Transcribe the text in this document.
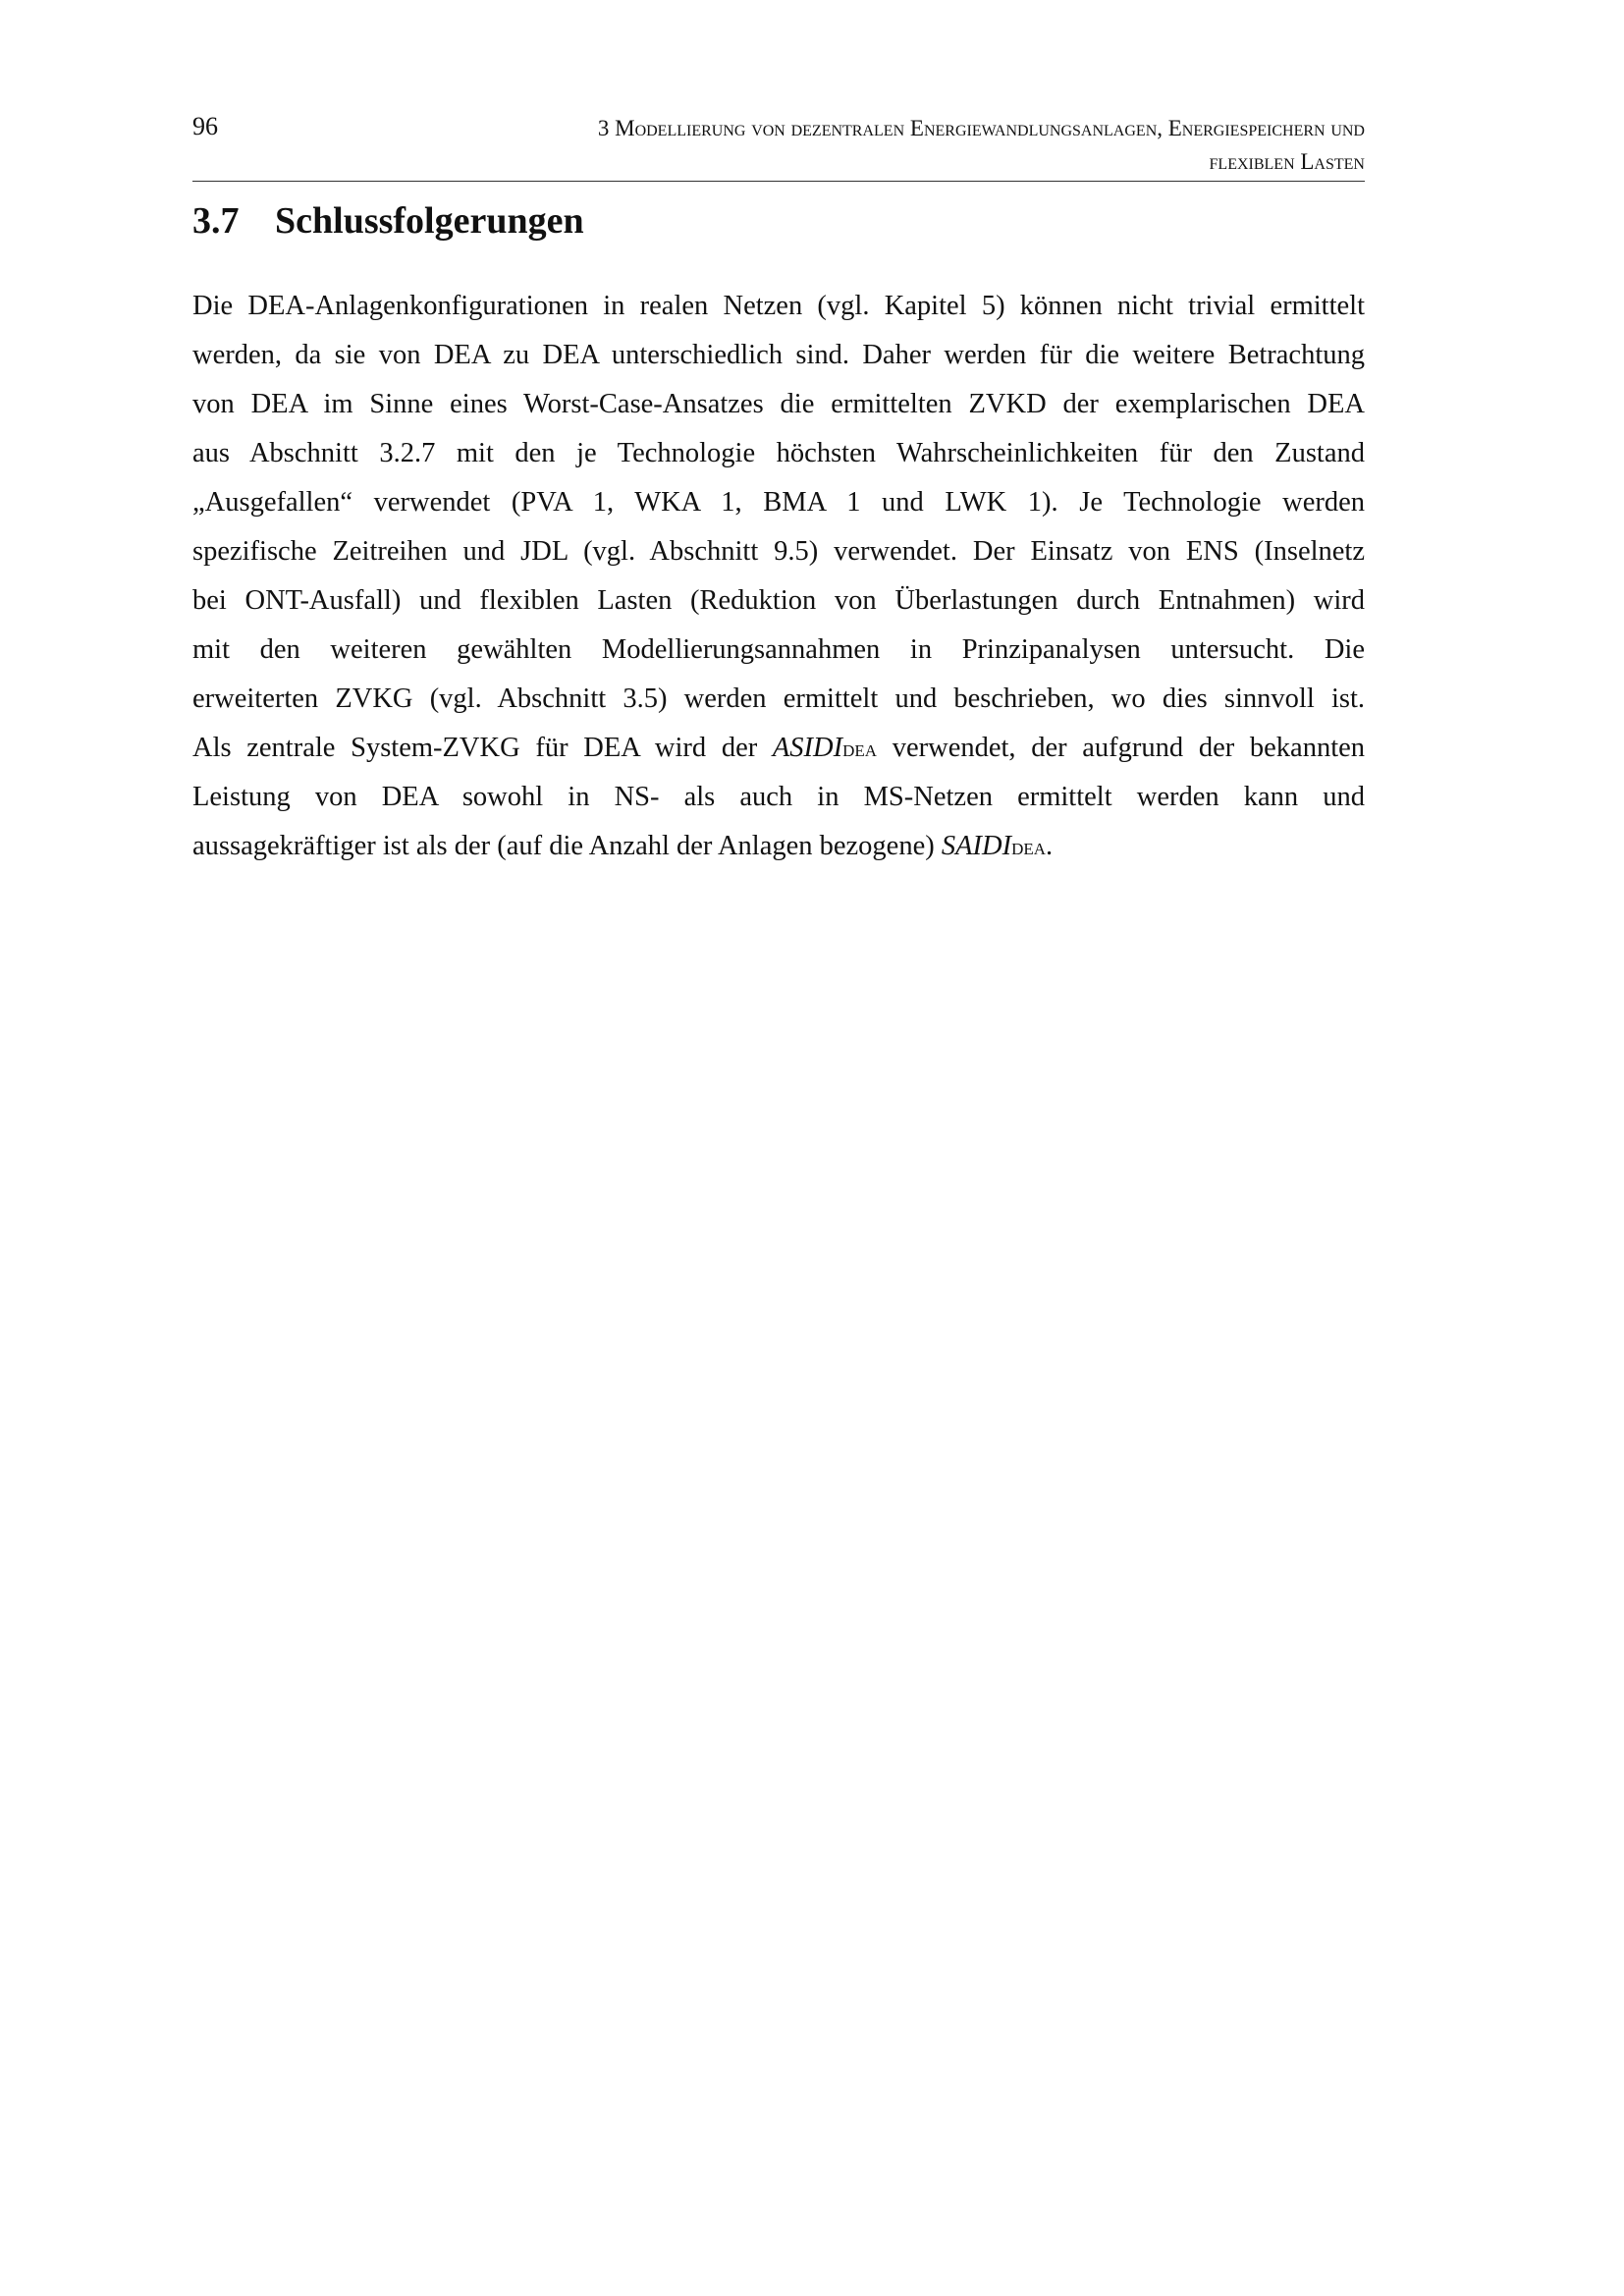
96	3 Modellierung von dezentralen Energiewandlungsanlagen, Energiespeichern und
flexiblen Lasten
3.7 Schlussfolgerungen
Die DEA-Anlagenkonfigurationen in realen Netzen (vgl. Kapitel 5) können nicht trivial ermittelt
werden, da sie von DEA zu DEA unterschiedlich sind. Daher werden für die weitere Betrachtung
von DEA im Sinne eines Worst-Case-Ansatzes die ermittelten ZVKD der exemplarischen DEA
aus Abschnitt 3.2.7 mit den je Technologie höchsten Wahrscheinlichkeiten für den Zustand
„Ausgefallen“ verwendet (PVA 1, WKA 1, BMA 1 und LWK 1). Je Technologie werden
spezifische Zeitreihen und JDL (vgl. Abschnitt 9.5) verwendet. Der Einsatz von ENS (Inselnetz
bei ONT-Ausfall) und flexiblen Lasten (Reduktion von Überlastungen durch Entnahmen) wird
mit den weiteren gewählten Modellierungsannahmen in Prinzipanalysen untersucht. Die
erweiterten ZVKG (vgl. Abschnitt 3.5) werden ermittelt und beschrieben, wo dies sinnvoll ist.
Als zentrale System-ZVKG für DEA wird der ASIDIDEA verwendet, der aufgrund der bekannten
Leistung von DEA sowohl in NS- als auch in MS-Netzen ermittelt werden kann und
aussagekräftiger ist als der (auf die Anzahl der Anlagen bezogene) SAIDIDEA.
